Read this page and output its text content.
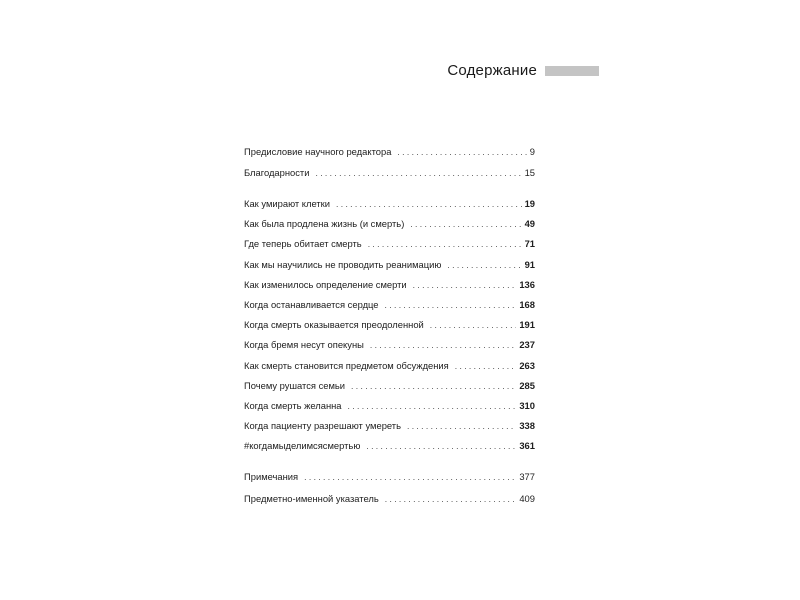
Содержание
Предисловие научного редактора . . .	9
Благодарности . . .	15
Как умирают клетки . . .	19
Как была продлена жизнь (и смерть) . . .	49
Где теперь обитает смерть . . .	71
Как мы научились не проводить реанимацию . . .	91
Как изменилось определение смерти . . .	136
Когда останавливается сердце . . .	168
Когда смерть оказывается преодоленной . . .	191
Когда бремя несут опекуны . . .	237
Как смерть становится предметом обсуждения . . .	263
Почему рушатся семьи . . .	285
Когда смерть желанна . . .	310
Когда пациенту разрешают умереть . . .	338
#когдамыделимсясмертью . . .	361
Примечания . . .	377
Предметно-именной указатель . . .	409
